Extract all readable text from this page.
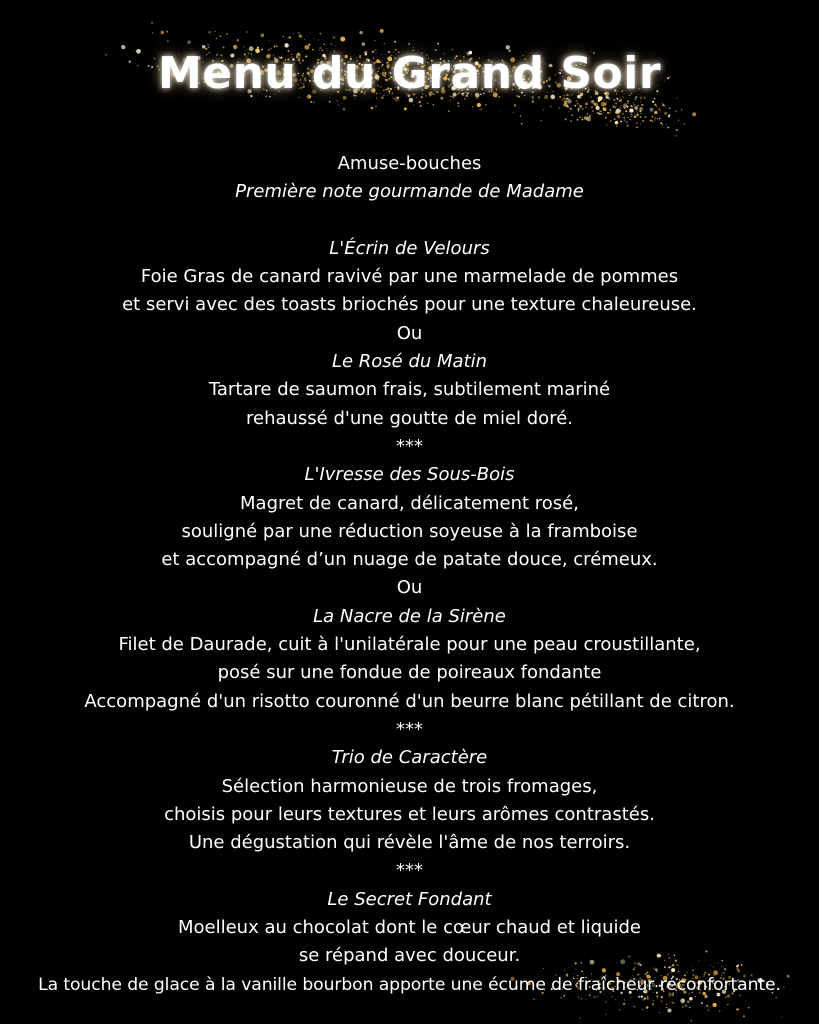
Menu du Grand Soir
Amuse-bouches
Première note gourmande de Madame
L'Écrin de Velours
Foie Gras de canard ravivé par une marmelade de pommes
et servi avec des toasts briochés pour une texture chaleureuse.
Ou
Le Rosé du Matin
Tartare de saumon frais, subtilement mariné
rehaussé d'une goutte de miel doré.
***
L'Ivresse des Sous-Bois
Magret de canard, délicatement rosé,
souligné par une réduction soyeuse à la framboise
et accompagné d’un nuage de patate douce, crémeux.
Ou
La Nacre de la Sirène
Filet de Daurade, cuit à l'unilatérale pour une peau croustillante,
posé sur une fondue de poireaux fondante
Accompagné d'un risotto couronné d'un beurre blanc pétillant de citron.
***
Trio de Caractère
Sélection harmonieuse de trois fromages,
choisis pour leurs textures et leurs arômes contrastés.
Une dégustation qui révèle l'âme de nos terroirs.
***
Le Secret Fondant
Moelleux au chocolat dont le cœur chaud et liquide
se répand avec douceur.
La touche de glace à la vanille bourbon apporte une écume de fraîcheur réconfortante.
